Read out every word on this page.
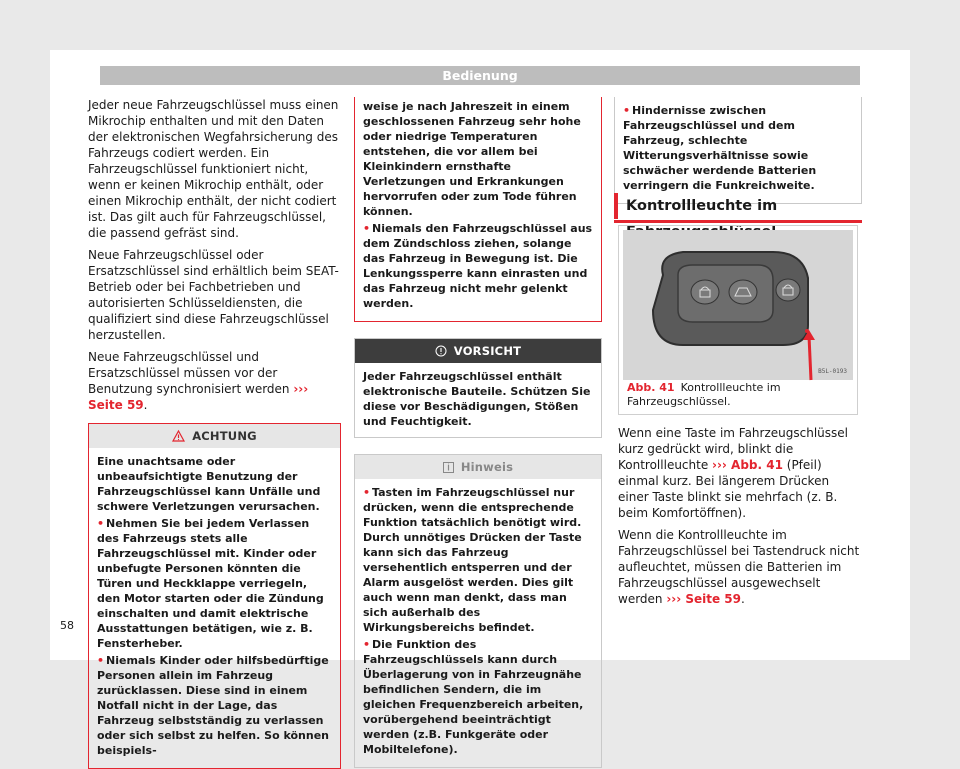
Bedienung

Jeder neue Fahrzeugschlüssel muss einen Mikrochip enthalten und mit den Daten der elektronischen Wegfahrsicherung des Fahrzeugs codiert werden. Ein Fahrzeugschlüssel funktioniert nicht, wenn er keinen Mikrochip enthält, oder einen Mikrochip enthält, der nicht codiert ist. Das gilt auch für Fahrzeugschlüssel, die passend gefräst sind.

Neue Fahrzeugschlüssel oder Ersatzschlüssel sind erhältlich beim SEAT-Betrieb oder bei Fachbetrieben und autorisierten Schlüsseldiensten, die qualifiziert sind diese Fahrzeugschlüssel herzustellen.

Neue Fahrzeugschlüssel und Ersatzschlüssel müssen vor der Benutzung synchronisiert werden ››› Seite 59.

ACHTUNG

Eine unachtsame oder unbeaufsichtigte Benutzung der Fahrzeugschlüssel kann Unfälle und schwere Verletzungen verursachen.

• Nehmen Sie bei jedem Verlassen des Fahrzeugs stets alle Fahrzeugschlüssel mit. Kinder oder unbefugte Personen könnten die Türen und Heckklappe verriegeln, den Motor starten oder die Zündung einschalten und damit elektrische Ausstattungen betätigen, wie z. B. Fensterheber.

• Niemals Kinder oder hilfsbedürftige Personen allein im Fahrzeug zurücklassen. Diese sind in einem Notfall nicht in der Lage, das Fahrzeug selbstständig zu verlassen oder sich selbst zu helfen. So können beispiels-

weise je nach Jahreszeit in einem geschlossenen Fahrzeug sehr hohe oder niedrige Temperaturen entstehen, die vor allem bei Kleinkindern ernsthafte Verletzungen und Erkrankungen hervorrufen oder zum Tode führen können.

• Niemals den Fahrzeugschlüssel aus dem Zündschloss ziehen, solange das Fahrzeug in Bewegung ist. Die Lenkungssperre kann einrasten und das Fahrzeug nicht mehr gelenkt werden.

VORSICHT
Jeder Fahrzeugschlüssel enthält elektronische Bauteile. Schützen Sie diese vor Beschädigungen, Stößen und Feuchtigkeit.
Hinweis

• Tasten im Fahrzeugschlüssel nur drücken, wenn die entsprechende Funktion tatsächlich benötigt wird. Durch unnötiges Drücken der Taste kann sich das Fahrzeug versehentlich entsperren und der Alarm ausgelöst werden. Dies gilt auch wenn man denkt, dass man sich außerhalb des Wirkungsbereichs befindet.

• Die Funktion des Fahrzeugschlüssels kann durch Überlagerung von in Fahrzeugnähe befindlichen Sendern, die im gleichen Frequenzbereich arbeiten, vorübergehend beeinträchtigt werden (z.B. Funkgeräte oder Mobiltelefone).

• Hindernisse zwischen Fahrzeugschlüssel und dem Fahrzeug, schlechte Witterungsverhältnisse sowie schwächer werdende Batterien verringern die Funkreichweite.

Kontrollleuchte im
B5L-0193
Abb. 41 Kontrollleuchte im Fahrzeugschlüssel.

Wenn eine Taste im Fahrzeugschlüssel kurz gedrückt wird, blinkt die Kontrollleuchte ››› Abb. 41 (Pfeil) einmal kurz. Bei längerem Drücken einer Taste blinkt sie mehrfach (z. B. beim Komfortöffnen).

Wenn die Kontrollleuchte im Fahrzeugschlüssel bei Tastendruck nicht aufleuchtet, müssen die Batterien im Fahrzeugschlüssel ausgewechselt werden ››› Seite 59.

58
